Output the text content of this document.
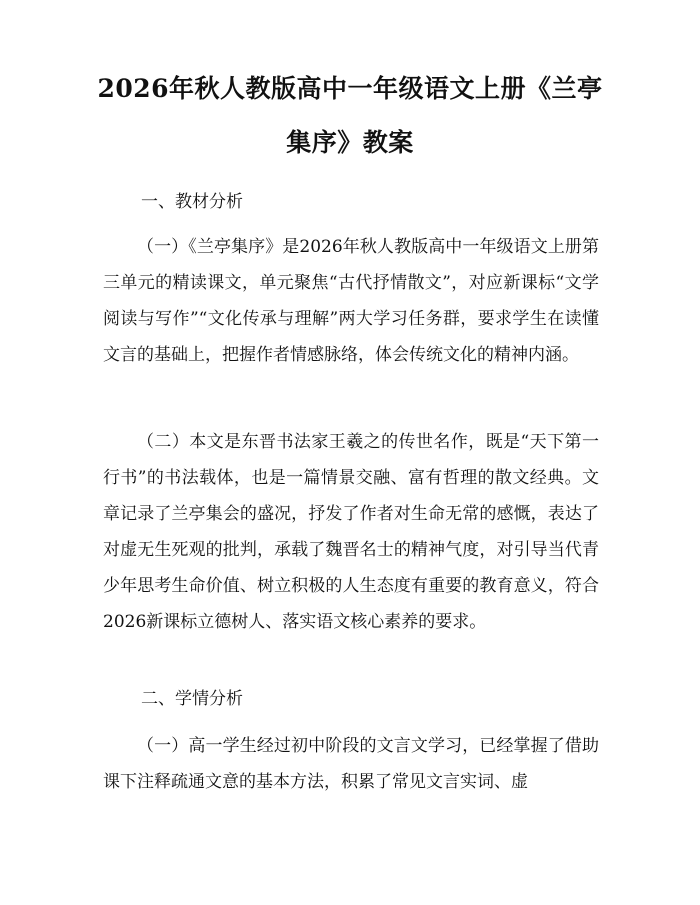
2026年秋人教版高中一年级语文上册《兰亭集序》教案

一、教材分析

（一）《兰亭集序》是2026年秋人教版高中一年级语文上册第三单元的精读课文，单元聚焦“古代抒情散文”，对应新课标“文学阅读与写作”“文化传承与理解”两大学习任务群，要求学生在读懂文言的基础上，把握作者情感脉络，体会传统文化的精神内涵。

（二）本文是东晋书法家王羲之的传世名作，既是“天下第一行书”的书法载体，也是一篇情景交融、富有哲理的散文经典。文章记录了兰亭集会的盛况，抒发了作者对生命无常的感慨，表达了对虚无生死观的批判，承载了魏晋名士的精神气度，对引导当代青少年思考生命价值、树立积极的人生态度有重要的教育意义，符合2026新课标立德树人、落实语文核心素养的要求。

二、学情分析

（一）高一学生经过初中阶段的文言文学习，已经掌握了借助课下注释疏通文意的基本方法，积累了常见文言实词、虚
